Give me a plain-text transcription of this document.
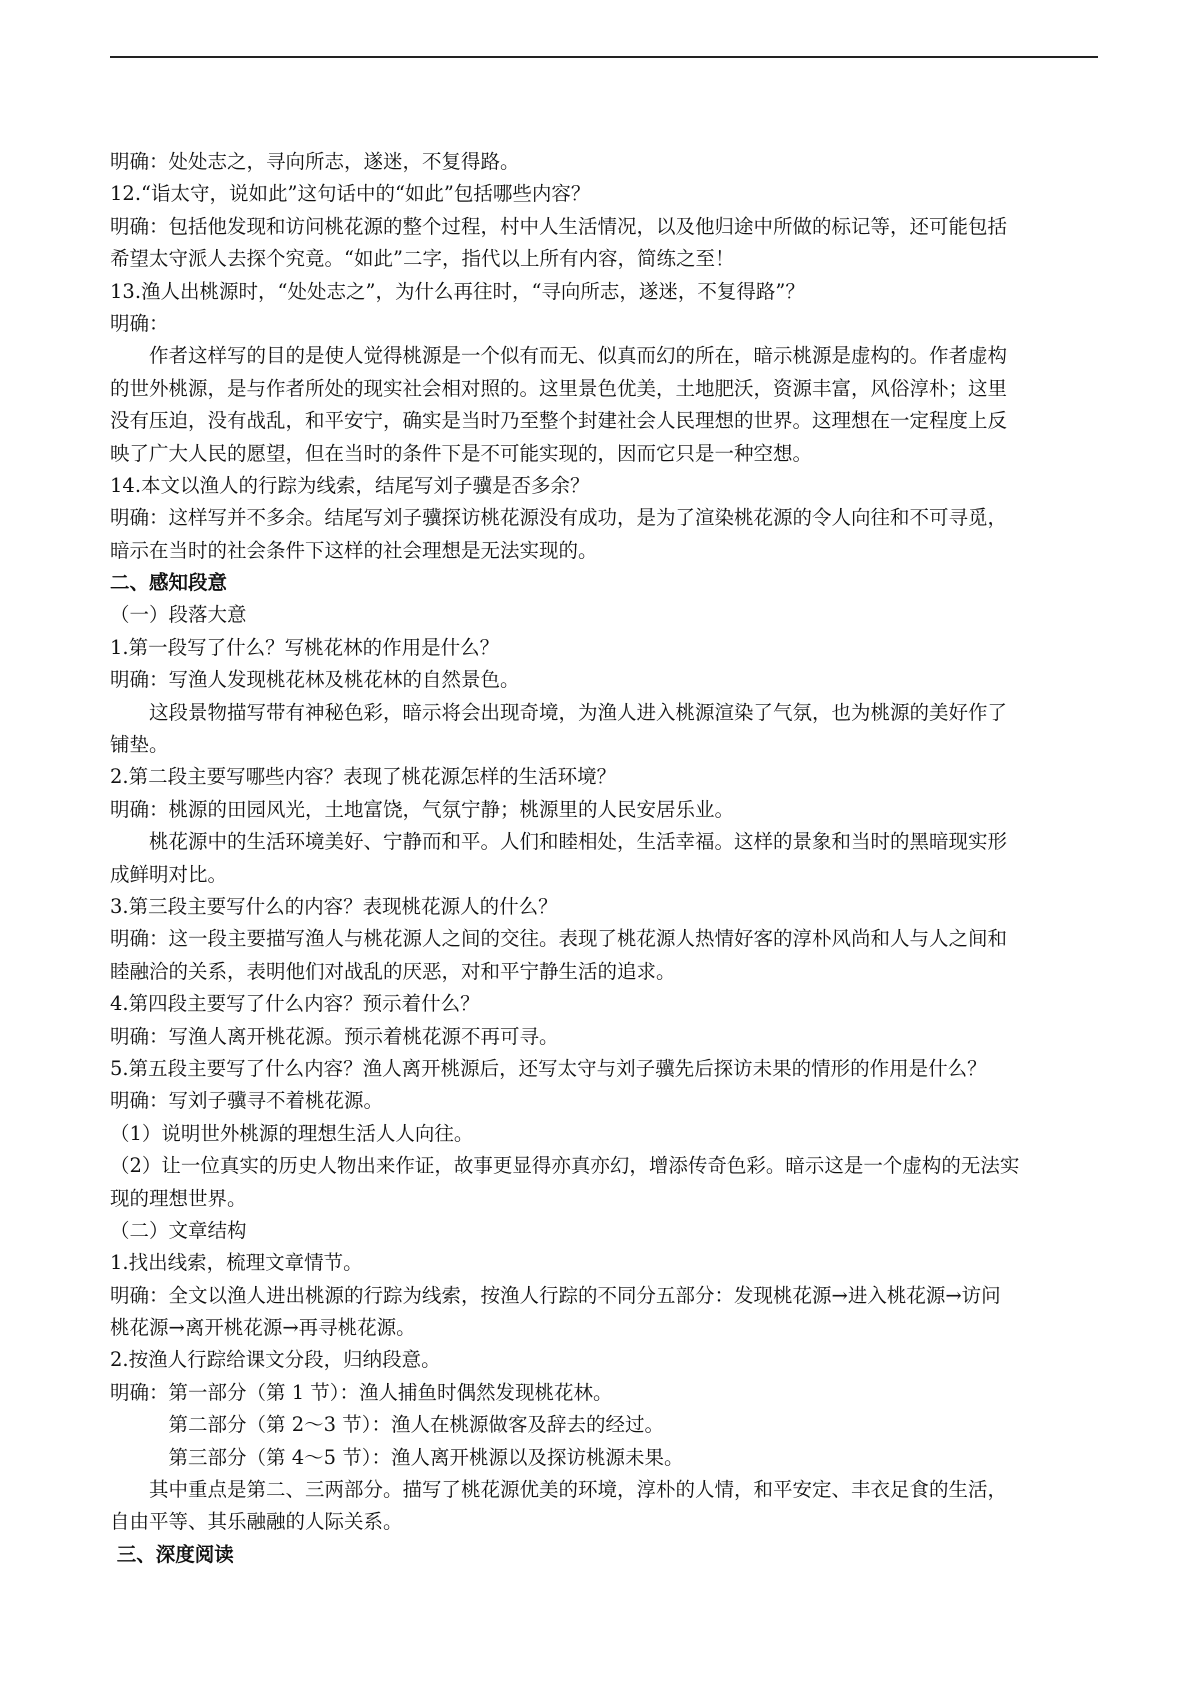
明确：处处志之，寻向所志，遂迷，不复得路。
12.“诣太守，说如此”这句话中的“如此”包括哪些内容？
明确：包括他发现和访问桃花源的整个过程，村中人生活情况，以及他归途中所做的标记等，还可能包括
希望太守派人去探个究竟。“如此”二字，指代以上所有内容，简练之至！
13.渔人出桃源时，“处处志之”，为什么再往时，“寻向所志，遂迷，不复得路”？
明确：
　　作者这样写的目的是使人觉得桃源是一个似有而无、似真而幻的所在，暗示桃源是虚构的。作者虚构
的世外桃源，是与作者所处的现实社会相对照的。这里景色优美，土地肥沃，资源丰富，风俗淳朴；这里
没有压迫，没有战乱，和平安宁，确实是当时乃至整个封建社会人民理想的世界。这理想在一定程度上反
映了广大人民的愿望，但在当时的条件下是不可能实现的，因而它只是一种空想。
14.本文以渔人的行踪为线索，结尾写刘子骥是否多余？
明确：这样写并不多余。结尾写刘子骥探访桃花源没有成功，是为了渲染桃花源的令人向往和不可寻觅，
暗示在当时的社会条件下这样的社会理想是无法实现的。
二、感知段意
（一）段落大意
1.第一段写了什么？写桃花林的作用是什么？
明确：写渔人发现桃花林及桃花林的自然景色。
　　这段景物描写带有神秘色彩，暗示将会出现奇境，为渔人进入桃源渲染了气氛，也为桃源的美好作了
铺垫。
2.第二段主要写哪些内容？表现了桃花源怎样的生活环境？
明确：桃源的田园风光，土地富饶，气氛宁静；桃源里的人民安居乐业。
　　桃花源中的生活环境美好、宁静而和平。人们和睦相处，生活幸福。这样的景象和当时的黑暗现实形
成鲜明对比。
3.第三段主要写什么的内容？表现桃花源人的什么？
明确：这一段主要描写渔人与桃花源人之间的交往。表现了桃花源人热情好客的淳朴风尚和人与人之间和
睦融洽的关系，表明他们对战乱的厌恶，对和平宁静生活的追求。
4.第四段主要写了什么内容？预示着什么？
明确：写渔人离开桃花源。预示着桃花源不再可寻。
5.第五段主要写了什么内容？渔人离开桃源后，还写太守与刘子骥先后探访未果的情形的作用是什么？
明确：写刘子骥寻不着桃花源。
（1）说明世外桃源的理想生活人人向往。
（2）让一位真实的历史人物出来作证，故事更显得亦真亦幻，增添传奇色彩。暗示这是一个虚构的无法实
现的理想世界。
（二）文章结构
1.找出线索，梳理文章情节。
明确：全文以渔人进出桃源的行踪为线索，按渔人行踪的不同分五部分：发现桃花源→进入桃花源→访问
桃花源→离开桃花源→再寻桃花源。
2.按渔人行踪给课文分段，归纳段意。
明确：第一部分（第 1 节）：渔人捕鱼时偶然发现桃花林。
　　　第二部分（第 2～3 节）：渔人在桃源做客及辞去的经过。
　　　第三部分（第 4～5 节）：渔人离开桃源以及探访桃源未果。
　　其中重点是第二、三两部分。描写了桃花源优美的环境，淳朴的人情，和平安定、丰衣足食的生活，
自由平等、其乐融融的人际关系。
三、深度阅读
